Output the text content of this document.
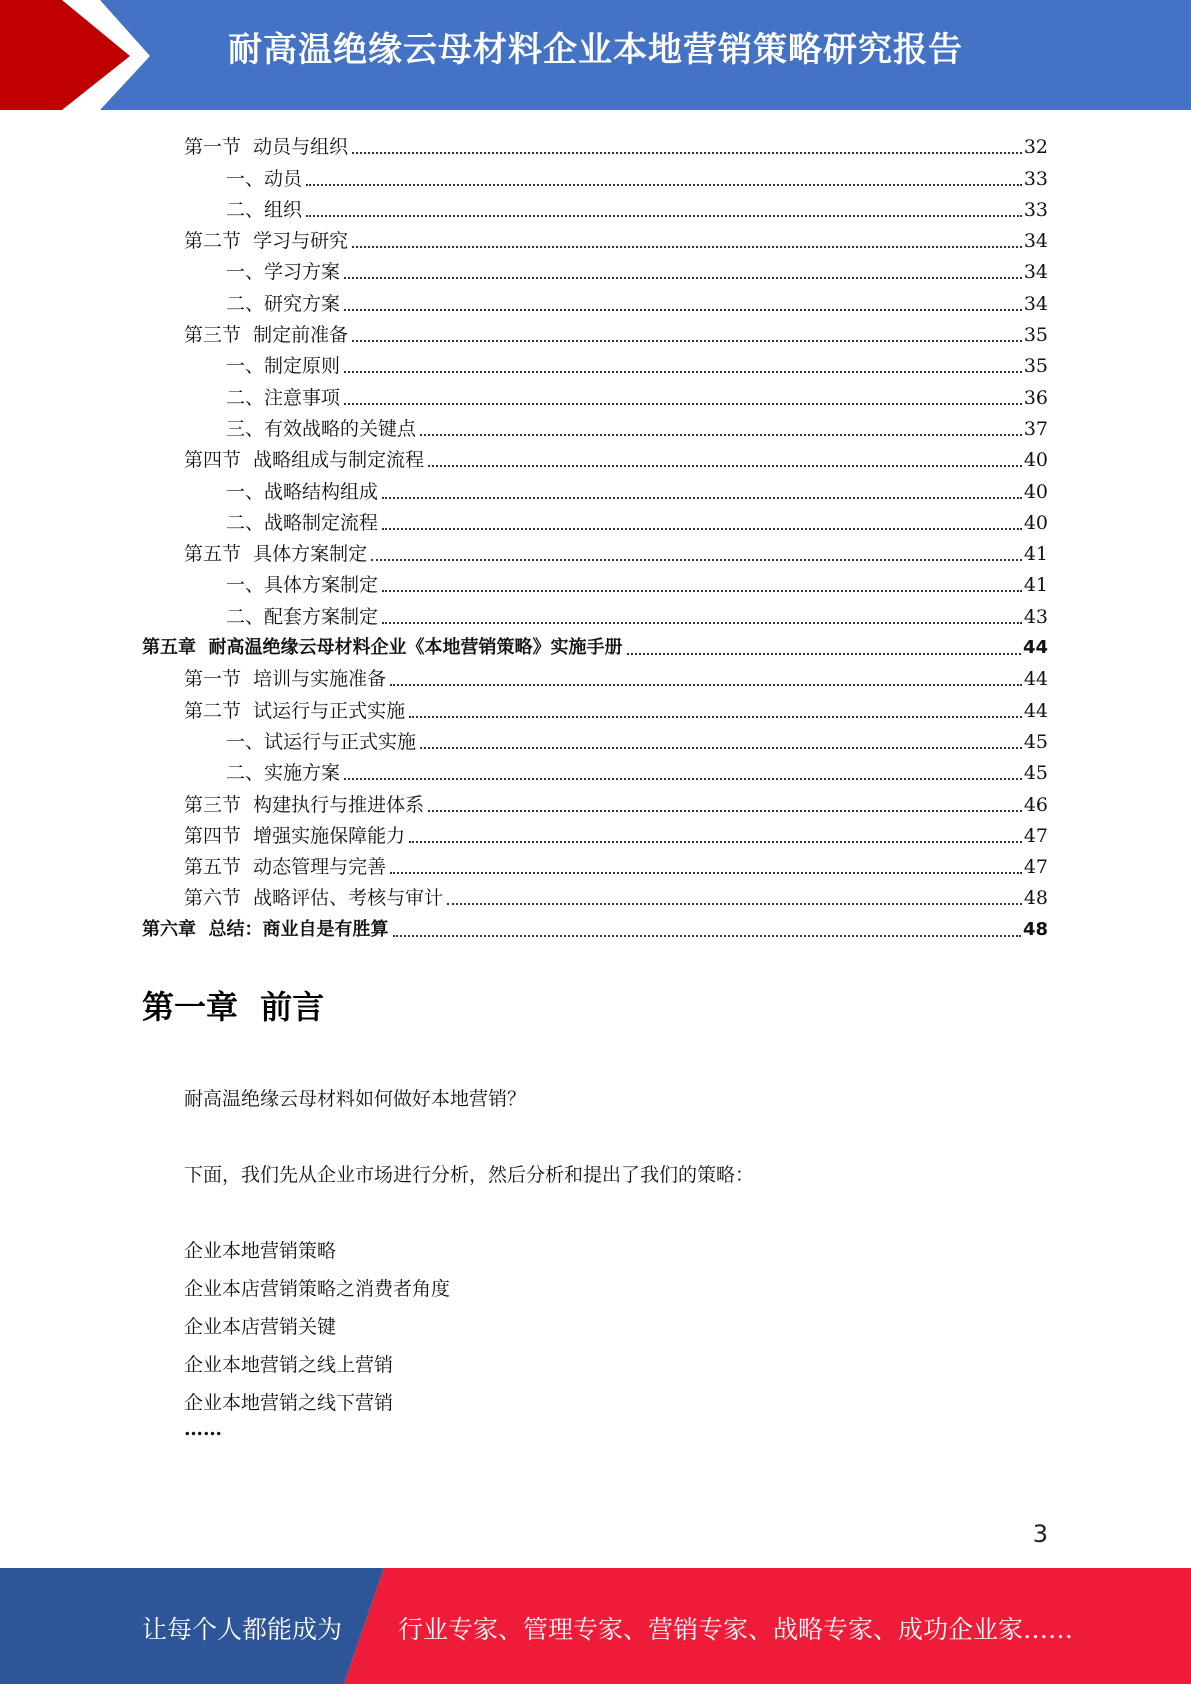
耐高温绝缘云母材料企业本地营销策略研究报告
第一节  动员与组织	32
一、动员	33
二、组织	33
第二节  学习与研究	34
一、学习方案	34
二、研究方案	34
第三节  制定前准备	35
一、制定原则	35
二、注意事项	36
三、有效战略的关键点	37
第四节  战略组成与制定流程	40
一、战略结构组成	40
二、战略制定流程	40
第五节  具体方案制定	41
一、具体方案制定	41
二、配套方案制定	43
第五章  耐高温绝缘云母材料企业《本地营销策略》实施手册	44
第一节  培训与实施准备	44
第二节  试运行与正式实施	44
一、试运行与正式实施	45
二、实施方案	45
第三节  构建执行与推进体系	46
第四节  增强实施保障能力	47
第五节  动态管理与完善	47
第六节  战略评估、考核与审计	48
第六章  总结：商业自是有胜算	48
第一章  前言
耐高温绝缘云母材料如何做好本地营销？
下面，我们先从企业市场进行分析，然后分析和提出了我们的策略：
企业本地营销策略
企业本店营销策略之消费者角度
企业本店营销关键
企业本地营销之线上营销
企业本地营销之线下营销
……
3
让每个人都能成为 行业专家、管理专家、营销专家、战略专家、成功企业家……
